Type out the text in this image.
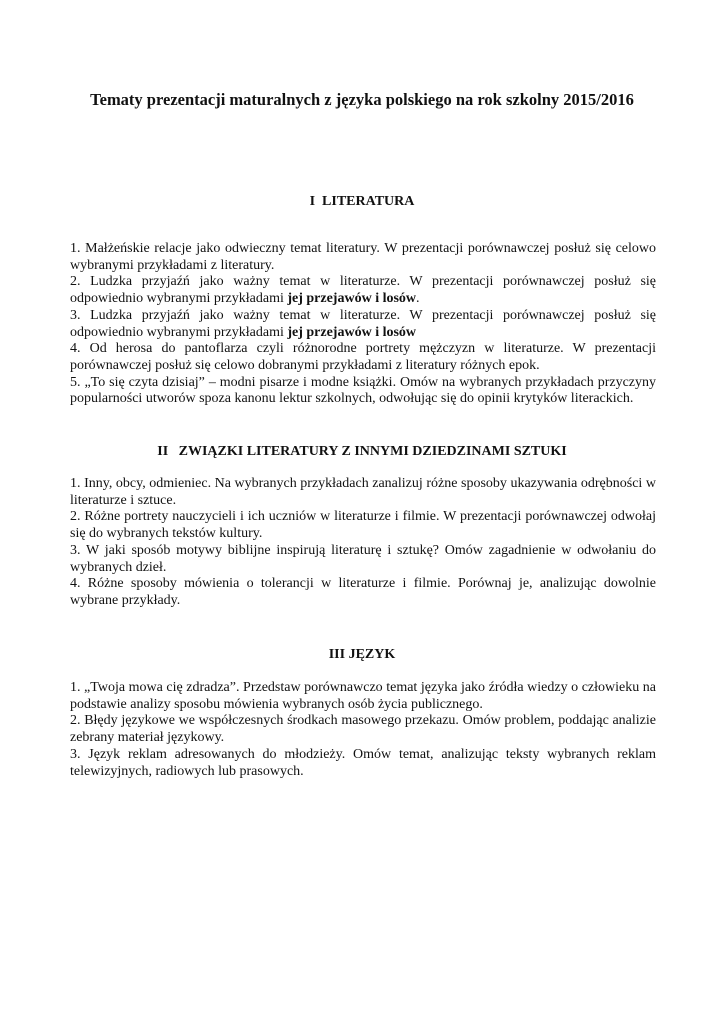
Tematy prezentacji maturalnych z języka polskiego na rok szkolny 2015/2016
I  LITERATURA

1. Małżeńskie relacje jako odwieczny temat literatury. W prezentacji porównawczej posłuż się celowo wybranymi przykładami z literatury.

2. Ludzka przyjaźń jako ważny temat w literaturze. W prezentacji porównawczej posłuż się odpowiednio wybranymi przykładami jej przejawów i losów.

3. Ludzka przyjaźń jako ważny temat w literaturze. W prezentacji porównawczej posłuż się odpowiednio wybranymi przykładami jej przejawów i losów

4. Od herosa do pantoflarza czyli różnorodne portrety mężczyzn w literaturze. W prezentacji porównawczej posłuż się celowo dobranymi przykładami z literatury różnych epok.

5. „To się czyta dzisiaj” – modni pisarze i modne książki. Omów na wybranych przykładach przyczyny popularności utworów spoza kanonu lektur szkolnych, odwołując się do opinii krytyków literackich.

II   ZWIĄZKI LITERATURY Z INNYMI DZIEDZINAMI SZTUKI

1. Inny, obcy, odmieniec. Na wybranych przykładach zanalizuj różne sposoby ukazywania odrębności w literaturze i sztuce.

2. Różne portrety nauczycieli i ich uczniów w literaturze i filmie. W prezentacji porównawczej odwołaj się do wybranych tekstów kultury.

3. W jaki sposób motywy biblijne inspirują literaturę i sztukę? Omów zagadnienie w odwołaniu do wybranych dzieł.

4. Różne sposoby mówienia o tolerancji w literaturze i filmie. Porównaj je, analizując dowolnie wybrane przykłady.

III JĘZYK

1. „Twoja mowa cię zdradza”. Przedstaw porównawczo temat języka jako źródła wiedzy o człowieku na podstawie analizy sposobu mówienia wybranych osób życia publicznego.

2. Błędy językowe we współczesnych środkach masowego przekazu. Omów problem, poddając analizie zebrany materiał językowy.

3. Język reklam adresowanych do młodzieży. Omów temat, analizując teksty wybranych reklam telewizyjnych, radiowych lub prasowych.
